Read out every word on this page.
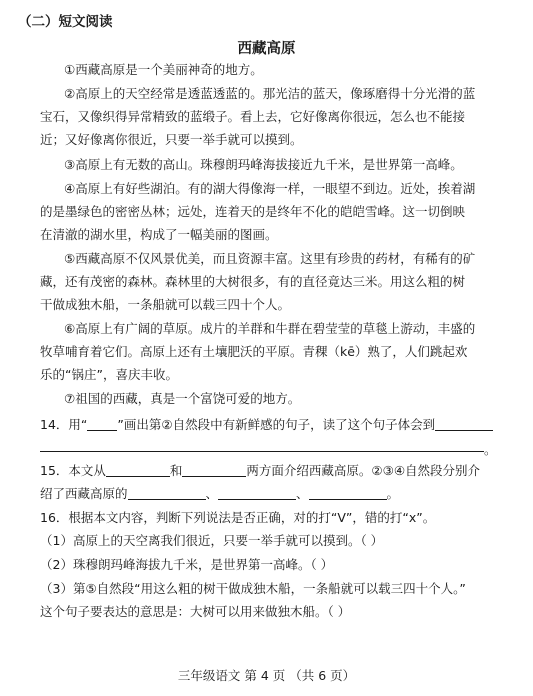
（二）短文阅读
西藏高原
①西藏高原是一个美丽神奇的地方。
②高原上的天空经常是透蓝透蓝的。那光洁的蓝天，像琢磨得十分光滑的蓝
宝石，又像织得异常精致的蓝缎子。看上去，它好像离你很远，怎么也不能接
近；又好像离你很近，只要一举手就可以摸到。
③高原上有无数的高山。珠穆朗玛峰海拔接近九千米，是世界第一高峰。
④高原上有好些湖泊。有的湖大得像海一样，一眼望不到边。近处，挨着湖
的是墨绿色的密密丛林；远处，连着天的是终年不化的皑皑雪峰。这一切倒映
在清澈的湖水里，构成了一幅美丽的图画。
⑤西藏高原不仅风景优美，而且资源丰富。这里有珍贵的药材，有稀有的矿
藏，还有茂密的森林。森林里的大树很多，有的直径竟达三米。用这么粗的树
干做成独木船，一条船就可以载三四十个人。
⑥高原上有广阔的草原。成片的羊群和牛群在碧莹莹的草毯上游动，丰盛的
牧草哺育着它们。高原上还有土壤肥沃的平原。青稞（kē）熟了，人们跳起欢
乐的“锅庄”，喜庆丰收。
⑦祖国的西藏，真是一个富饶可爱的地方。
14．用“ ”画出第②自然段中有新鲜感的句子，读了这个句子体会到
。
15．本文从	和	两方面介绍西藏高原。②③④自然段分别介
绍了西藏高原的	、	、	。
16．根据本文内容，判断下列说法是否正确，对的打“V”，错的打“x”。
（1）高原上的天空离我们很近，只要一举手就可以摸到。（ ）
（2）珠穆朗玛峰海拔九千米，是世界第一高峰。（ ）
（3）第⑤自然段“用这么粗的树干做成独木船，一条船就可以载三四十个人。”
这个句子要表达的意思是：大树可以用来做独木船。（ ）
三年级语文 第 4 页 （共 6 页）
